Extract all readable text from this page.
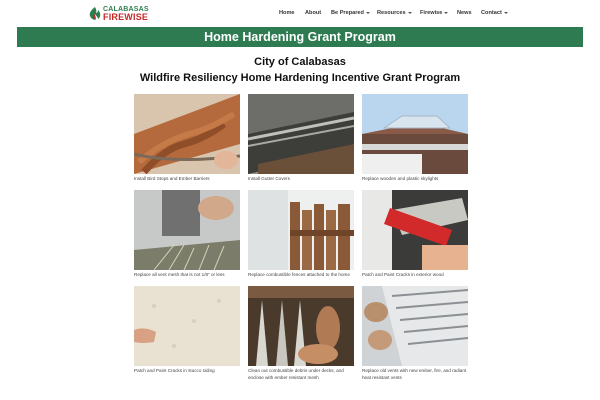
CALABASAS
FIREWISE	Home About Be Prepared	Resources	Firewise	News Contact
Home Hardening Grant Program
City of Calabasas
Wildfire Resiliency Home Hardening Incentive Grant Program
Install Bird Stops and Ember Barriers	Install Gutter Covers	Replace wooden and plastic skylights
Replace all vent mesh that is not 1/8" or less	Replace combustible fences attached to the home	Patch and Paint Cracks in exterior wood
Patch and Paint Cracks in stucco siding	Clean out combustible debris under decks, and enclose with ember resistant mesh
Replace old vents with new ember, fire, and radiant heat resistant vents
